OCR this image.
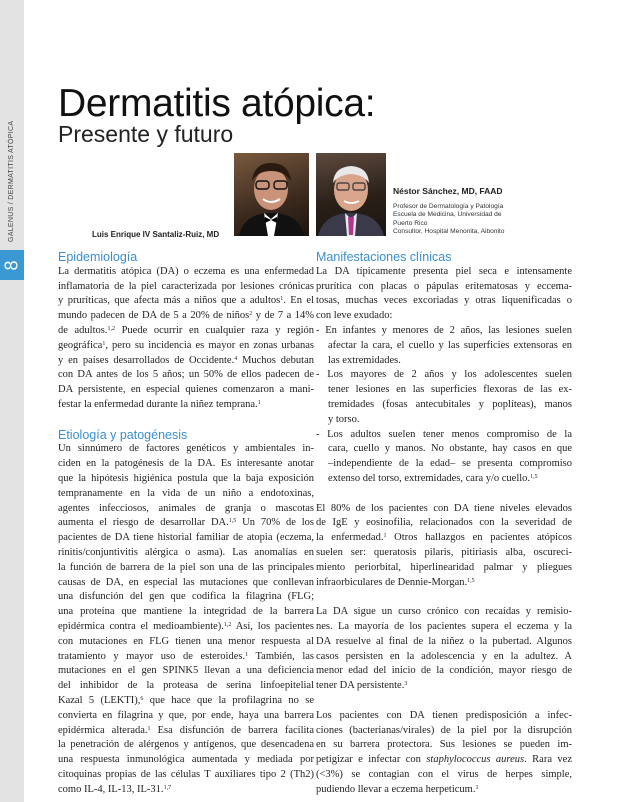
GALENUS / DERMATITIS ATÓPICA
8
Dermatitis atópica:
Presente y futuro
Luis Enrique IV Santaliz-Ruiz, MD
Néstor Sánchez, MD, FAAD
Profesor de Dermatología y Patología
Escuela de Medicina, Universidad de
Puerto Rico
Consultor, Hospital Menonita, Aibonito
Epidemiología
La dermatitis atópica (DA) o eczema es una enfermedad
inflamatoria de la piel caracterizada por lesiones crónicas
y pruríticas, que afecta más a niños que a adultos$^1$. En el
mundo padecen de DA de 5 a 20% de niños$^2$ y de 7 a 14%
de adultos.$^{1,2}$ Puede ocurrir en cualquier raza y región
geográfica$^1$, pero su incidencia es mayor en zonas urbanas
y en países desarrollados de Occidente.$^4$ Muchos debutan
con DA antes de los 5 años; un 50% de ellos padecen de
DA persistente, en especial quienes comenzaron a mani-
festar la enfermedad durante la niñez temprana.$^1$
Etiología y patogénesis
Un sinnúmero de factores genéticos y ambientales in-
ciden en la patogénesis de la DA. Es interesante anotar
que la hipótesis higiénica postula que la baja exposición
tempranamente en la vida de un niño a endotoxinas,
agentes infecciosos, animales de granja o mascotas
aumenta el riesgo de desarrollar DA.$^{1,5}$ Un 70% de los
pacientes de DA tiene historial familiar de atopia (eczema,
rinitis/conjuntivitis alérgica o asma). Las anomalías en
la función de barrera de la piel son una de las principales
causas de DA, en especial las mutaciones que conllevan
una disfunción del gen que codifica la filagrina (FLG;
una proteína que mantiene la integridad de la barrera
epidérmica contra el medioambiente).$^{1,2}$ Así, los pacientes
con mutaciones en FLG tienen una menor respuesta al
tratamiento y mayor uso de esteroides.$^1$ También, las
mutaciones en el gen SPINK5 llevan a una deficiencia
del inhibidor de la proteasa de serina linfoepitelial
Kazal 5 (LEKTI),$^6$ que hace que la profilagrina no se
convierta en filagrina y que, por ende, haya una barrera
epidérmica alterada.$^1$ Esa disfunción de barrera facilita
la penetración de alérgenos y antígenos, que desencadena
una respuesta inmunológica aumentada y mediada por
citoquinas propias de las células T auxiliares tipo 2 (Th2)
como IL-4, IL-13, IL-31.$^{1,7}$
Manifestaciones clínicas
La DA típicamente presenta piel seca e intensamente
prurítica con placas o pápulas eritematosas y eccema-
tosas, muchas veces excoriadas y otras liquenificadas o
con leve exudado:
- En infantes y menores de 2 años, las lesiones suelen
afectar la cara, el cuello y las superficies extensoras en
las extremidades.
- Los mayores de 2 años y los adolescentes suelen
tener lesiones en las superficies flexoras de las ex-
tremidades (fosas antecubitales y poplíteas), manos
y torso.
- Los adultos suelen tener menos compromiso de la
cara, cuello y manos. No obstante, hay casos en que
–independiente de la edad– se presenta compromiso
extenso del torso, extremidades, cara y/o cuello.$^{1,5}$
El 80% de los pacientes con DA tiene niveles elevados
de IgE y eosinofilia, relacionados con la severidad de
la enfermedad.$^1$ Otros hallazgos en pacientes atópicos
suelen ser: queratosis pilaris, pitiriasis alba, oscureci-
miento periorbital, hiperlinearidad palmar y pliegues
infraorbiculares de Dennie-Morgan.$^{1,5}$
La DA sigue un curso crónico con recaídas y remisio-
nes. La mayoría de los pacientes supera el eczema y la
DA resuelve al final de la niñez o la pubertad. Algunos
casos persisten en la adolescencia y en la adultez. A
menor edad del inicio de la condición, mayor riesgo de
tener DA persistente.$^3$
Los pacientes con DA tienen predisposición a infec-
ciones (bacterianas/virales) de la piel por la disrupción
en su barrera protectora. Sus lesiones se pueden im-
petigizar e infectar con staphylococcus aureus. Rara vez
(<3%) se contagian con el virus de herpes simple,
pudiendo llevar a eczema herpeticum.$^1$
